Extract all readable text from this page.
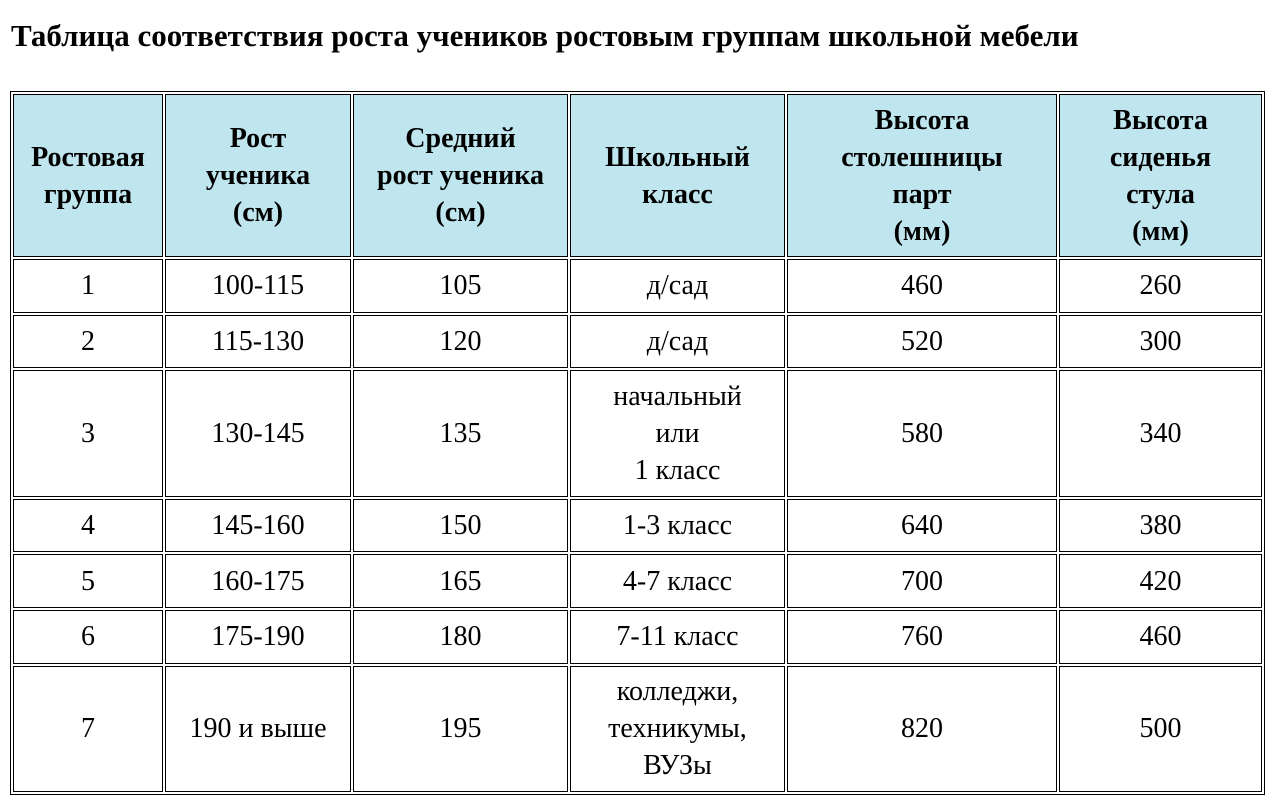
Таблица соответствия роста учеников ростовым группам школьной мебели
Ростовая
группа	Рост
ученика
(см)	Средний
рост ученика
(см)	Школьный
класс	Высота
столешницы
парт
(мм)	Высота
сиденья
стула
(мм)
1	100-115	105	д/сад	460	260
2	115-130	120	д/сад	520	300
3	130-145	135	начальный
или
1 класс	580	340
4	145-160	150	1-3 класс	640	380
5	160-175	165	4-7 класс	700	420
6	175-190	180	7-11 класс	760	460
7	190 и выше	195	колледжи,
техникумы,
ВУЗы	820	500
